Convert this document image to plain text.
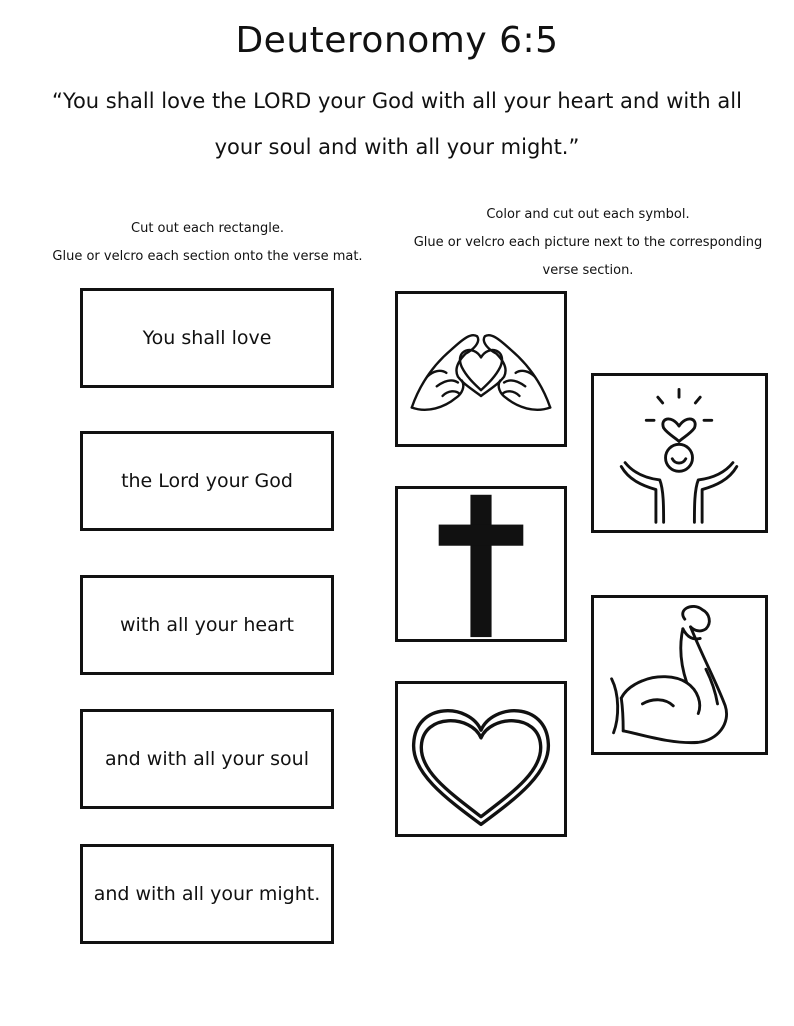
Deuteronomy 6:5
“You shall love the LORD your God with all your heart and with all
your soul and with all your might.”
Cut out each rectangle.
Glue or velcro each section onto the verse mat.
Color and cut out each symbol.
Glue or velcro each picture next to the corresponding
verse section.
You shall love
the Lord your God
with all your heart
and with all your soul
and with all your might.
